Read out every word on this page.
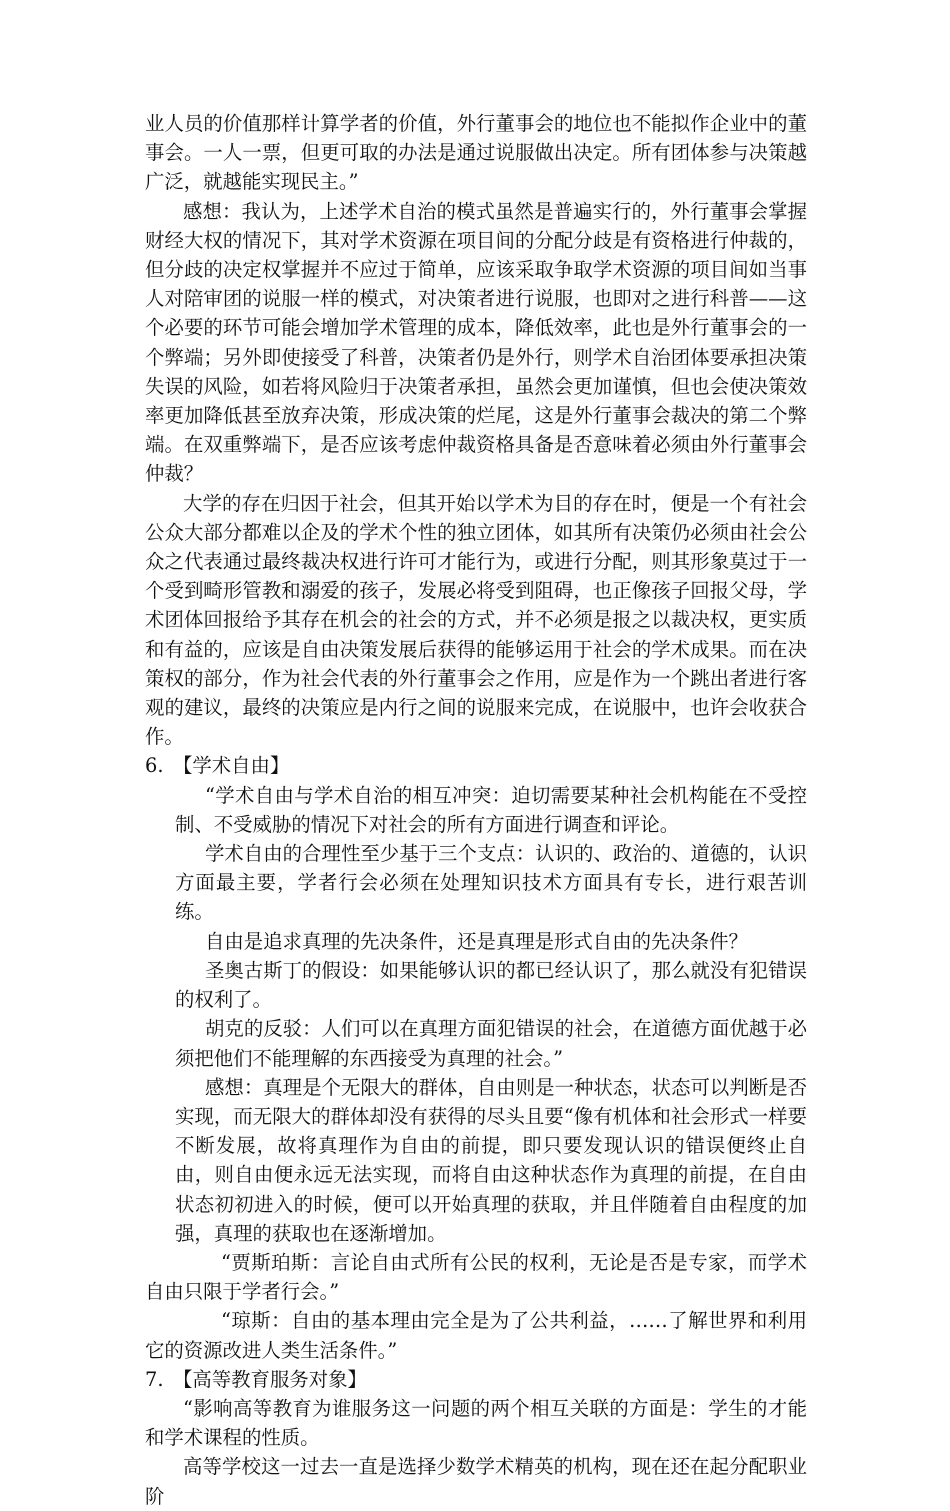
业人员的价值那样计算学者的价值，外行董事会的地位也不能拟作企业中的董事会。一人一票，但更可取的办法是通过说服做出决定。所有团体参与决策越广泛，就越能实现民主。”

感想：我认为，上述学术自治的模式虽然是普遍实行的，外行董事会掌握财经大权的情况下，其对学术资源在项目间的分配分歧是有资格进行仲裁的，但分歧的决定权掌握并不应过于简单，应该采取争取学术资源的项目间如当事人对陪审团的说服一样的模式，对决策者进行说服，也即对之进行科普——这个必要的环节可能会增加学术管理的成本，降低效率，此也是外行董事会的一个弊端；另外即使接受了科普，决策者仍是外行，则学术自治团体要承担决策失误的风险，如若将风险归于决策者承担，虽然会更加谨慎，但也会使决策效率更加降低甚至放弃决策，形成决策的烂尾，这是外行董事会裁决的第二个弊端。在双重弊端下，是否应该考虑仲裁资格具备是否意味着必须由外行董事会仲裁？

大学的存在归因于社会，但其开始以学术为目的存在时，便是一个有社会公众大部分都难以企及的学术个性的独立团体，如其所有决策仍必须由社会公众之代表通过最终裁决权进行许可才能行为，或进行分配，则其形象莫过于一个受到畸形管教和溺爱的孩子，发展必将受到阻碍，也正像孩子回报父母，学术团体回报给予其存在机会的社会的方式，并不必须是报之以裁决权，更实质和有益的，应该是自由决策发展后获得的能够运用于社会的学术成果。而在决策权的部分，作为社会代表的外行董事会之作用，应是作为一个跳出者进行客观的建议，最终的决策应是内行之间的说服来完成，在说服中，也许会收获合作。

6. 【学术自由】

“学术自由与学术自治的相互冲突：迫切需要某种社会机构能在不受控制、不受威胁的情况下对社会的所有方面进行调查和评论。

学术自由的合理性至少基于三个支点：认识的、政治的、道德的，认识方面最主要，学者行会必须在处理知识技术方面具有专长，进行艰苦训练。

自由是追求真理的先决条件，还是真理是形式自由的先决条件？

圣奥古斯丁的假设：如果能够认识的都已经认识了，那么就没有犯错误的权利了。

胡克的反驳：人们可以在真理方面犯错误的社会，在道德方面优越于必须把他们不能理解的东西接受为真理的社会。”

感想：真理是个无限大的群体，自由则是一种状态，状态可以判断是否实现，而无限大的群体却没有获得的尽头且要“像有机体和社会形式一样要不断发展，故将真理作为自由的前提，即只要发现认识的错误便终止自由，则自由便永远无法实现，而将自由这种状态作为真理的前提，在自由状态初初进入的时候，便可以开始真理的获取，并且伴随着自由程度的加强，真理的获取也在逐渐增加。

“贾斯珀斯：言论自由式所有公民的权利，无论是否是专家，而学术自由只限于学者行会。”

“琼斯：自由的基本理由完全是为了公共利益，……了解世界和利用它的资源改进人类生活条件。”

7. 【高等教育服务对象】

“影响高等教育为谁服务这一问题的两个相互关联的方面是：学生的才能和学术课程的性质。

高等学校这一过去一直是选择少数学术精英的机构，现在还在起分配职业阶
